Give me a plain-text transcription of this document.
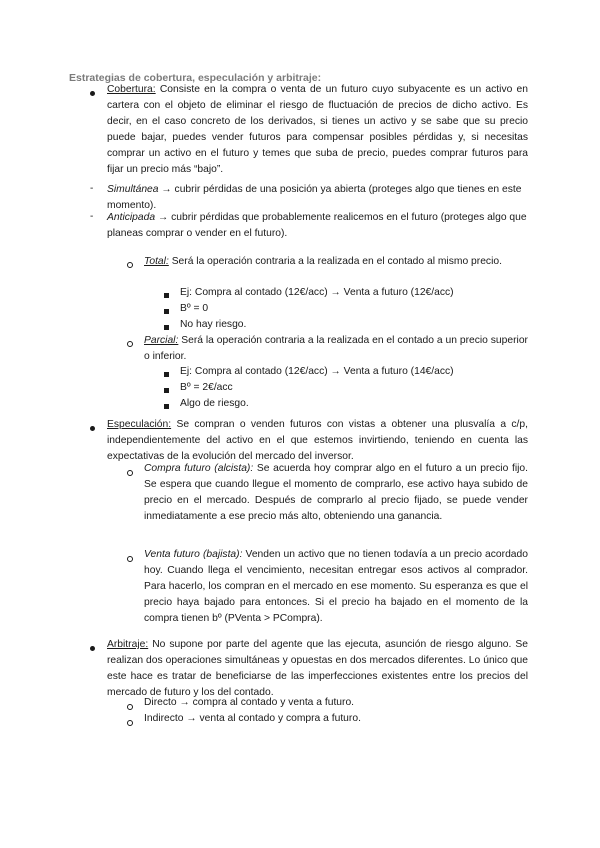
Estrategias de cobertura, especulación y arbitraje:
Cobertura: Consiste en la compra o venta de un futuro cuyo subyacente es un activo en cartera con el objeto de eliminar el riesgo de fluctuación de precios de dicho activo. Es decir, en el caso concreto de los derivados, si tienes un activo y se sabe que su precio puede bajar, puedes vender futuros para compensar posibles pérdidas y, si necesitas comprar un activo en el futuro y temes que suba de precio, puedes comprar futuros para fijar un precio más “bajo”.
- Simultánea → cubrir pérdidas de una posición ya abierta (proteges algo que tienes en este momento).
- Anticipada → cubrir pérdidas que probablemente realicemos en el futuro (proteges algo que planeas comprar o vender en el futuro).
Total: Será la operación contraria a la realizada en el contado al mismo precio.
Ej: Compra al contado (12€/acc) → Venta a futuro (12€/acc)
Bº = 0
No hay riesgo.
Parcial: Será la operación contraria a la realizada en el contado a un precio superior o inferior.
Ej: Compra al contado (12€/acc) → Venta a futuro (14€/acc)
Bº = 2€/acc
Algo de riesgo.
Especulación: Se compran o venden futuros con vistas a obtener una plusvalía a c/p, independientemente del activo en el que estemos invirtiendo, teniendo en cuenta las expectativas de la evolución del mercado del inversor.
Compra futuro (alcista): Se acuerda hoy comprar algo en el futuro a un precio fijo. Se espera que cuando llegue el momento de comprarlo, ese activo haya subido de precio en el mercado. Después de comprarlo al precio fijado, se puede vender inmediatamente a ese precio más alto, obteniendo una ganancia.
Venta futuro (bajista): Venden un activo que no tienen todavía a un precio acordado hoy. Cuando llega el vencimiento, necesitan entregar esos activos al comprador. Para hacerlo, los compran en el mercado en ese momento. Su esperanza es que el precio haya bajado para entonces. Si el precio ha bajado en el momento de la compra tienen bº (PVenta > PCompra).
Arbitraje: No supone por parte del agente que las ejecuta, asunción de riesgo alguno. Se realizan dos operaciones simultáneas y opuestas en dos mercados diferentes. Lo único que este hace es tratar de beneficiarse de las imperfecciones existentes entre los precios del mercado de futuro y los del contado.
Directo → compra al contado y venta a futuro.
Indirecto → venta al contado y compra a futuro.
